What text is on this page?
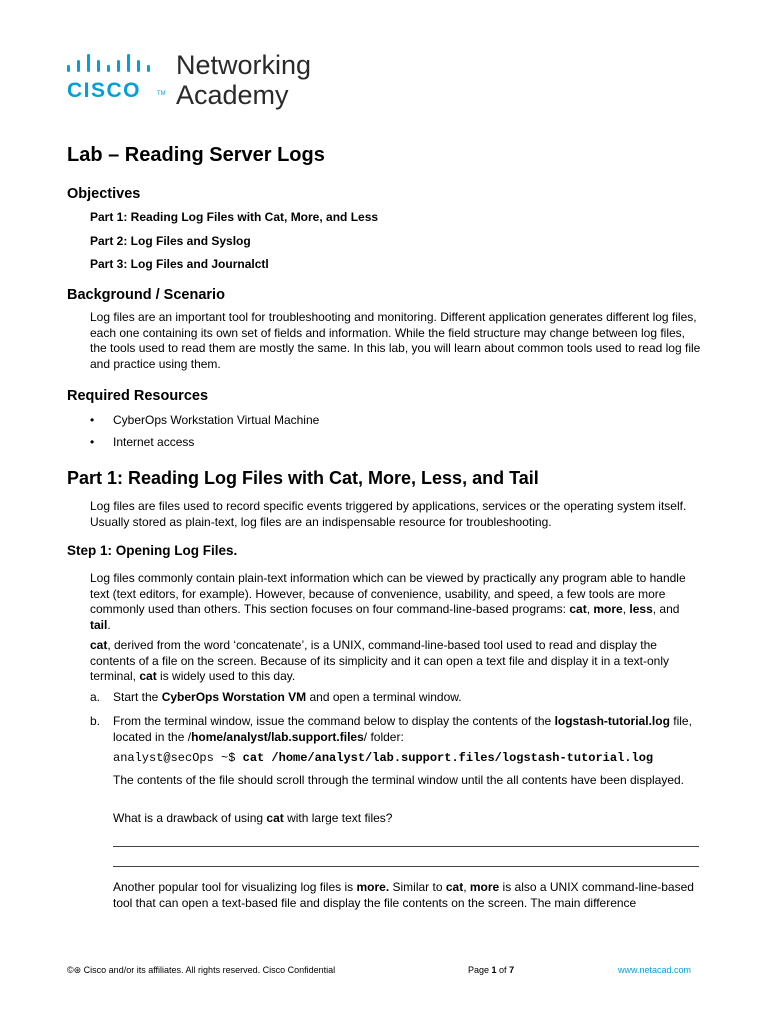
CISCO	TM
Networking
Academy
Lab – Reading Server Logs
Objectives
Part 1: Reading Log Files with Cat, More, and Less
Part 2: Log Files and Syslog
Part 3: Log Files and Journalctl
Background / Scenario
Log files are an important tool for troubleshooting and monitoring. Different application generates different log files, each one containing its own set of fields and information. While the field structure may change between log files, the tools used to read them are mostly the same. In this lab, you will learn about common tools used to read log file and practice using them.
Required Resources
• CyberOps Workstation Virtual Machine
• Internet access
Part 1: Reading Log Files with Cat, More, Less, and Tail
Log files are files used to record specific events triggered by applications, services or the operating system itself. Usually stored as plain-text, log files are an indispensable resource for troubleshooting.
Step 1: Opening Log Files.
Log files commonly contain plain-text information which can be viewed by practically any program able to handle text (text editors, for example). However, because of convenience, usability, and speed, a few tools are more commonly used than others. This section focuses on four command-line-based programs: cat, more, less, and tail.
cat, derived from the word ‘concatenate’, is a UNIX, command-line-based tool used to read and display the contents of a file on the screen. Because of its simplicity and it can open a text file and display it in a text-only terminal, cat is widely used to this day.
a. Start the CyberOps Worstation VM and open a terminal window.
b. From the terminal window, issue the command below to display the contents of the logstash-tutorial.log file, located in the /home/analyst/lab.support.files/ folder:
analyst@secOps ~$ cat /home/analyst/lab.support.files/logstash-tutorial.log
The contents of the file should scroll through the terminal window until the all contents have been displayed.
What is a drawback of using cat with large text files?
Another popular tool for visualizing log files is more. Similar to cat, more is also a UNIX command-line-based tool that can open a text-based file and display the file contents on the screen. The main difference
©⊛ Cisco and/or its affiliates. All rights reserved. Cisco Confidential	Page 1 of 7	www.netacad.com
